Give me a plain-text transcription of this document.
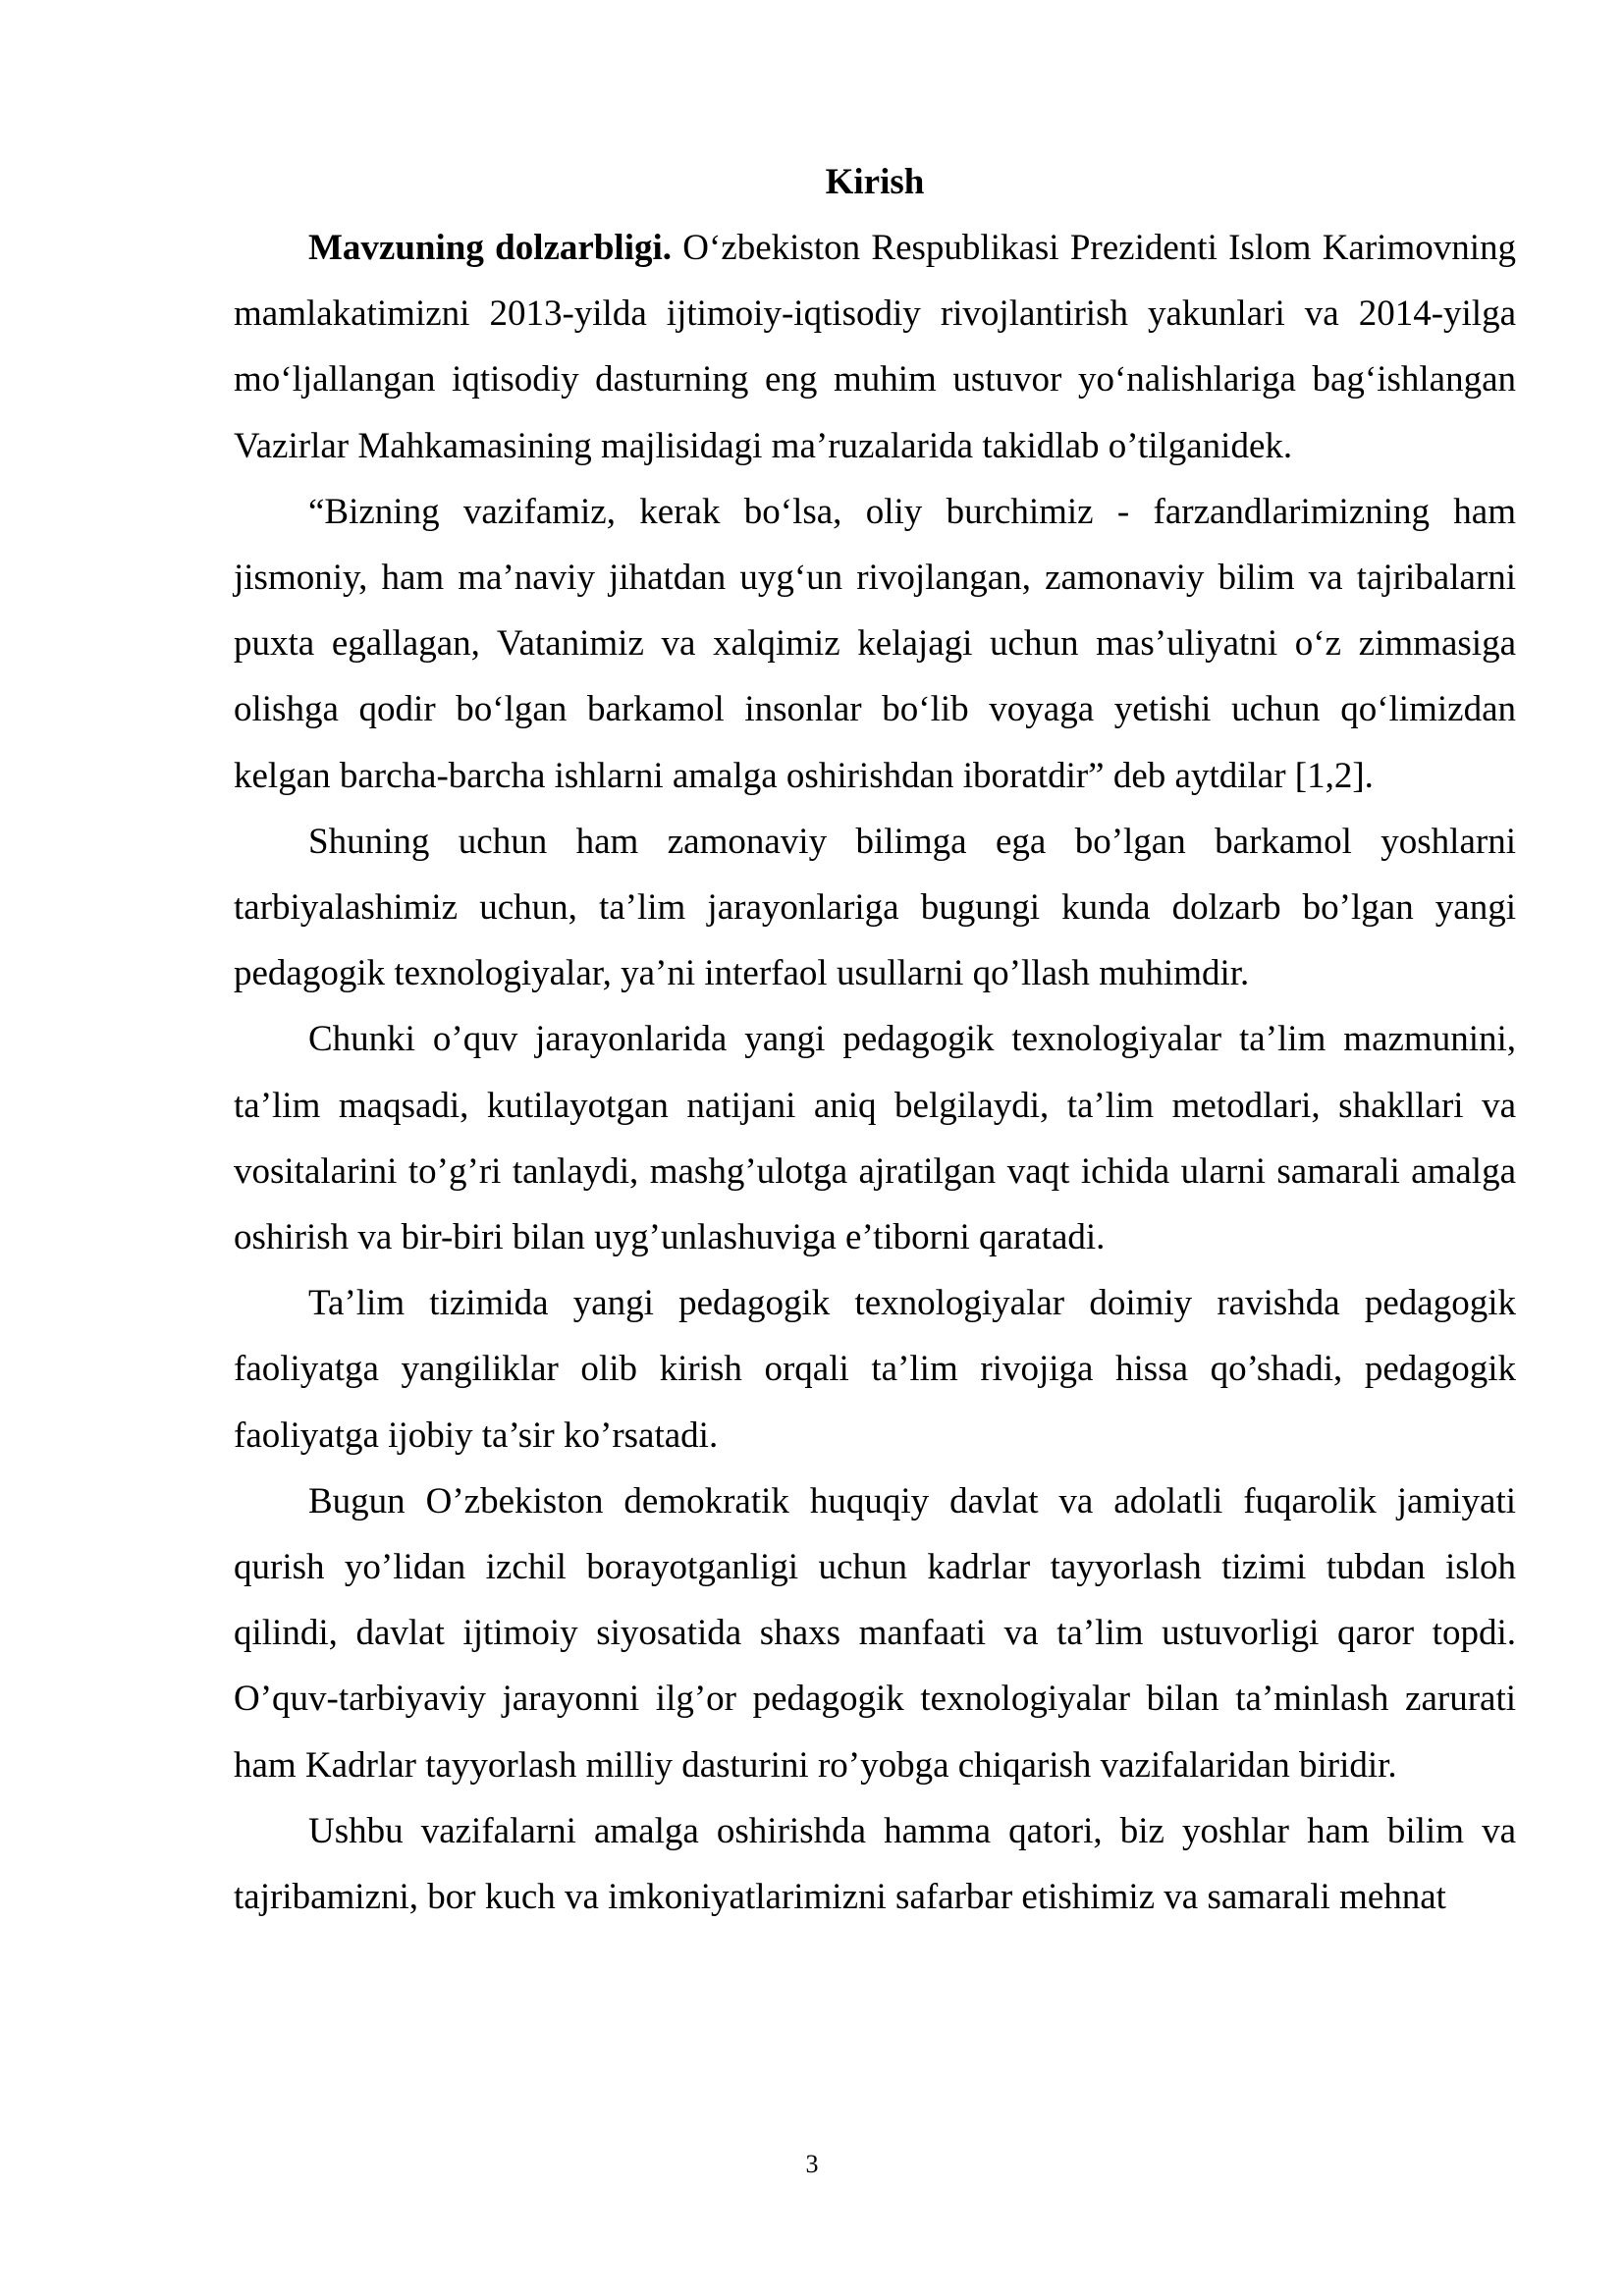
Kirish

Mavzuning dolzarbligi. O‘zbekiston Respublikasi Prezidenti Islom Karimovning mamlakatimizni 2013-yilda ijtimoiy-iqtisodiy rivojlantirish yakunlari va 2014-yilga mo‘ljallangan iqtisodiy dasturning eng muhim ustuvor yo‘nalishlariga bag‘ishlangan Vazirlar Mahkamasining majlisidagi ma’ruzalarida takidlab o’tilganidek.

“Bizning vazifamiz, kerak bo‘lsa, oliy burchimiz - farzandlarimizning ham jismoniy, ham ma’naviy jihatdan uyg‘un rivojlangan, zamonaviy bilim va tajribalarni puxta egallagan, Vatanimiz va xalqimiz kelajagi uchun mas’uliyatni o‘z zimmasiga olishga qodir bo‘lgan barkamol insonlar bo‘lib voyaga yetishi uchun qo‘limizdan kelgan barcha-barcha ishlarni amalga oshirishdan iboratdir” deb aytdilar [1,2].

Shuning uchun ham zamonaviy bilimga ega bo’lgan barkamol yoshlarni tarbiyalashimiz uchun, ta’lim jarayonlariga bugungi kunda dolzarb bo’lgan yangi pedagogik texnologiyalar, ya’ni interfaol usullarni qo’llash muhimdir.

Chunki o’quv jarayonlarida yangi pedagogik texnologiyalar ta’lim mazmunini, ta’lim maqsadi, kutilayotgan natijani aniq belgilaydi, ta’lim metodlari, shakllari va vositalarini to’g’ri tanlaydi, mashg’ulotga ajratilgan vaqt ichida ularni samarali amalga oshirish va bir-biri bilan uyg’unlashuviga e’tiborni qaratadi.

Ta’lim tizimida yangi pedagogik texnologiyalar doimiy ravishda pedagogik faoliyatga yangiliklar olib kirish orqali ta’lim rivojiga hissa qo’shadi, pedagogik faoliyatga ijobiy ta’sir ko’rsatadi.

Bugun O’zbekiston demokratik huquqiy davlat va adolatli fuqarolik jamiyati qurish yo’lidan izchil borayotganligi uchun kadrlar tayyorlash tizimi tubdan isloh qilindi, davlat ijtimoiy siyosatida shaxs manfaati va ta’lim ustuvorligi qaror topdi. O’quv-tarbiyaviy jarayonni ilg’or pedagogik texnologiyalar bilan ta’minlash zarurati ham Kadrlar tayyorlash milliy dasturini ro’yobga chiqarish vazifalaridan biridir.

Ushbu vazifalarni amalga oshirishda hamma qatori, biz yoshlar ham bilim va tajribamizni, bor kuch va imkoniyatlarimizni safarbar etishimiz va samarali mehnat

3
